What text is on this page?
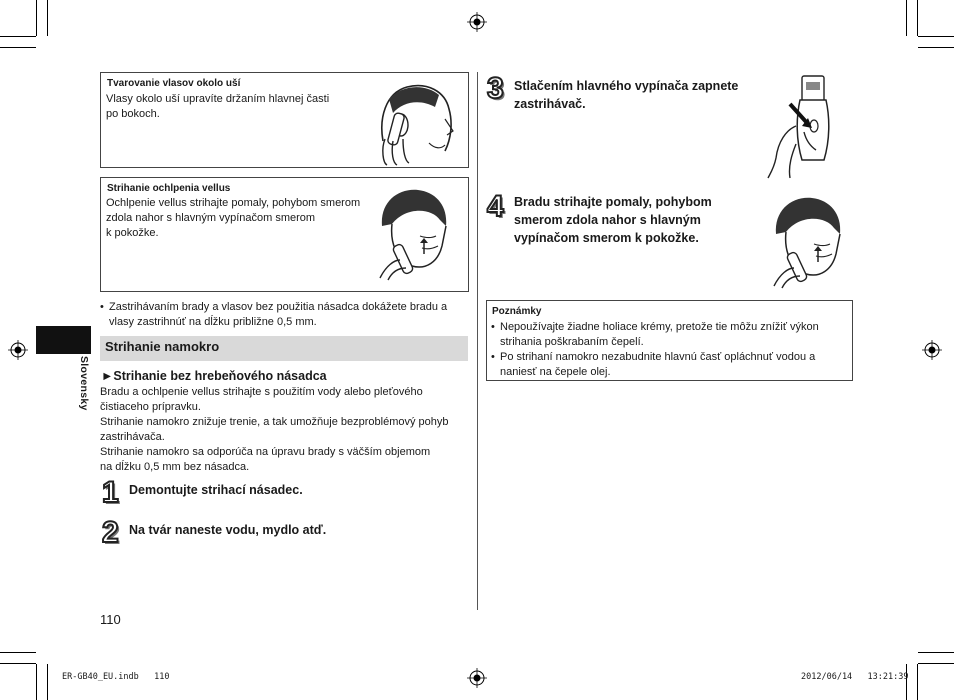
Slovensky
Tvarovanie vlasov okolo uší
Vlasy okolo uší upravíte držaním hlavnej časti
po bokoch.
Strihanie ochlpenia vellus
Ochlpenie vellus strihajte pomaly, pohybom smerom
zdola nahor s hlavným vypínačom smerom
k pokožke.
• Zastrihávaním brady a vlasov bez použitia násadca dokážete bradu a
vlasy zastrihnúť na dĺžku približne 0,5 mm.
Strihanie namokro
►Strihanie bez hrebeňového násadca
Bradu a ochlpenie vellus strihajte s použitím vody alebo pleťového
čistiaceho prípravku.
Strihanie namokro znižuje trenie, a tak umožňuje bezproblémový pohyb
zastrihávača.
Strihanie namokro sa odporúča na úpravu brady s väčším objemom
na dĺžku 0,5 mm bez násadca.
1 Demontujte strihací násadec.
2 Na tvár naneste vodu, mydlo atď.
3 Stlačením hlavného vypínača zapnete
zastrihávač.
4 Bradu strihajte pomaly, pohybom
smerom zdola nahor s hlavným
vypínačom smerom k pokožke.
Poznámky
• Nepoužívajte žiadne holiace krémy, pretože tie môžu znížiť výkon
strihania poškrabaním čepelí.
• Po strihaní namokro nezabudnite hlavnú časť opláchnuť vodou a
naniesť na čepele olej.
110
ER-GB40_EU.indb   110	2012/06/14   13:21:39
